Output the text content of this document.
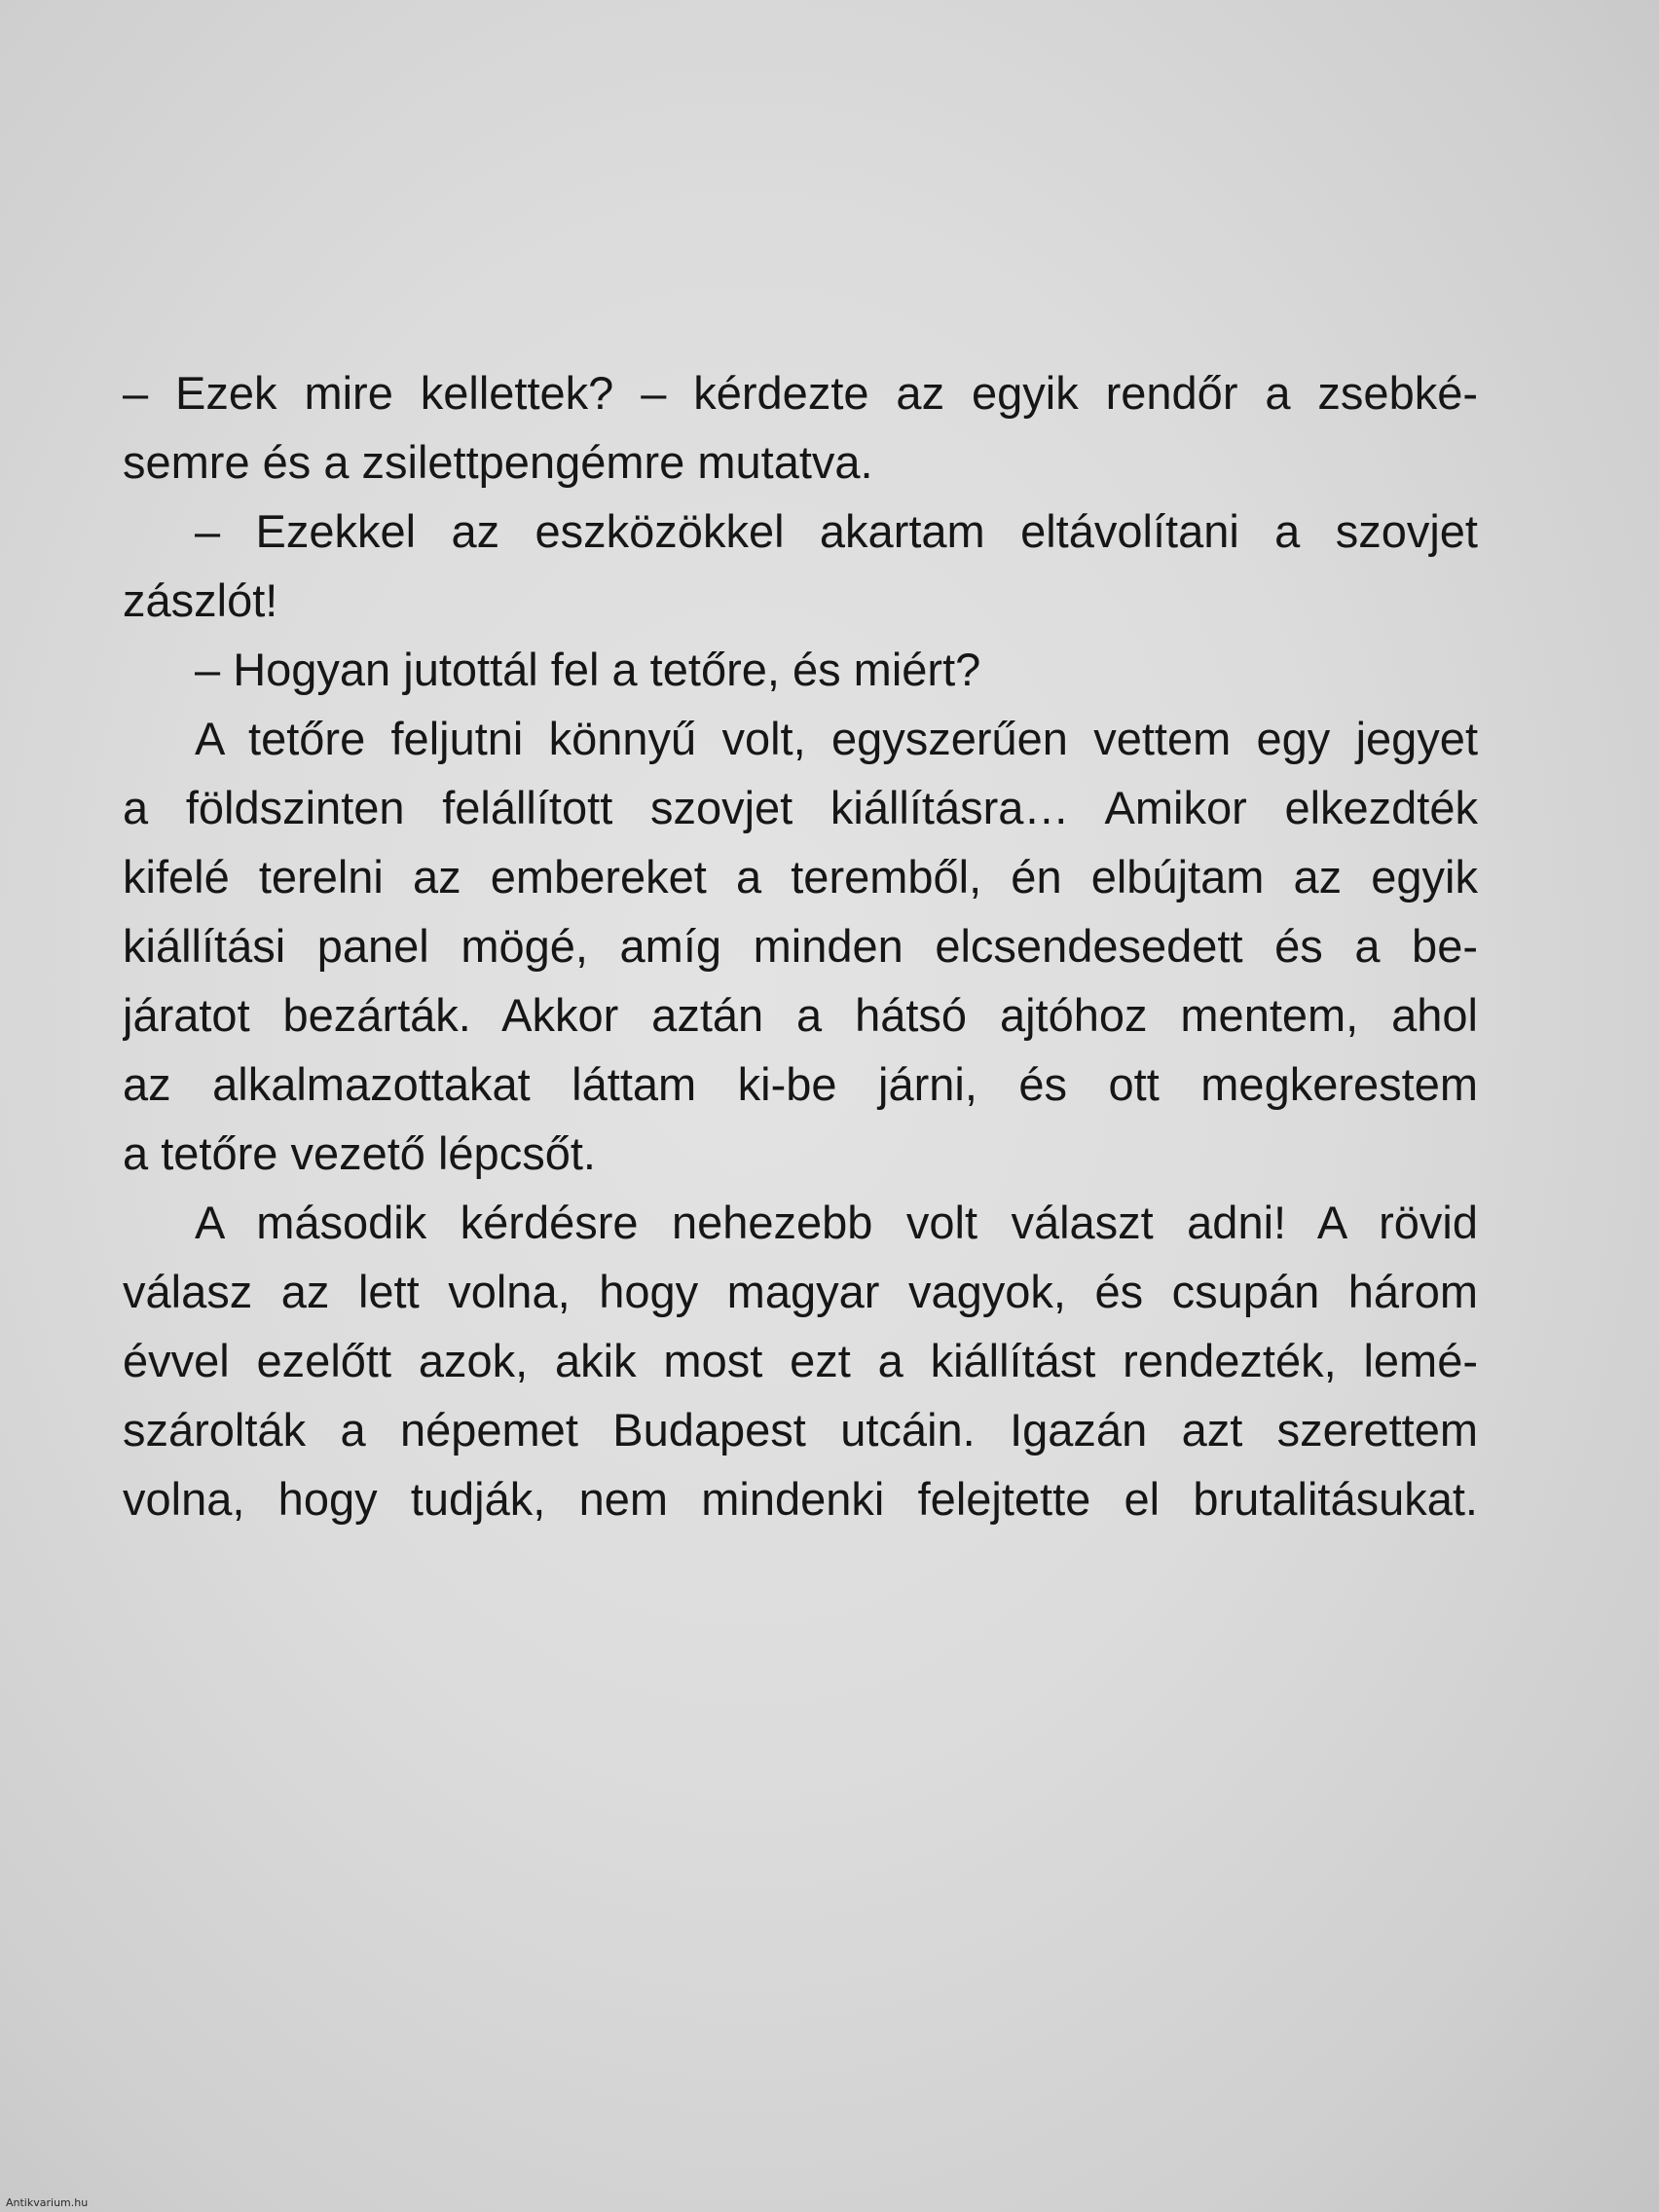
– Ezek mire kellettek? – kérdezte az egyik rendőr a zsebké-
semre és a zsilettpengémre mutatva.
– Ezekkel az eszközökkel akartam eltávolítani a szovjet
zászlót!
– Hogyan jutottál fel a tetőre, és miért?
A tetőre feljutni könnyű volt, egyszerűen vettem egy jegyet
a földszinten felállított szovjet kiállításra… Amikor elkezdték
kifelé terelni az embereket a teremből, én elbújtam az egyik
kiállítási panel mögé, amíg minden elcsendesedett és a be-
járatot bezárták. Akkor aztán a hátsó ajtóhoz mentem, ahol
az alkalmazottakat láttam ki-be járni, és ott megkerestem
a tetőre vezető lépcsőt.
A második kérdésre nehezebb volt választ adni! A rövid
válasz az lett volna, hogy magyar vagyok, és csupán három
évvel ezelőtt azok, akik most ezt a kiállítást rendezték, lemé-
szárolták a népemet Budapest utcáin. Igazán azt szerettem
volna, hogy tudják, nem mindenki felejtette el brutalitásukat.
Antikvarium.hu
